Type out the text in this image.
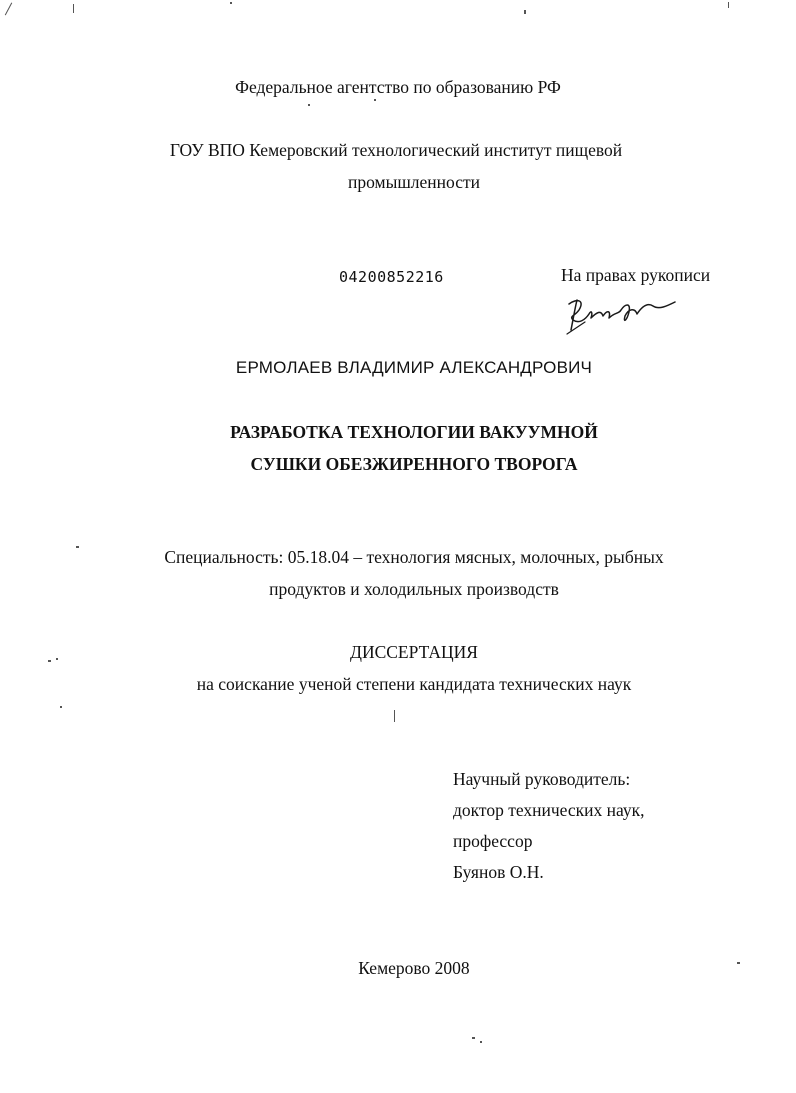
Федеральное агентство по образованию РФ
ГОУ ВПО Кемеровский технологический институт пищевой
промышленности
04200852216	На правах рукописи
ЕРМОЛАЕВ ВЛАДИМИР АЛЕКСАНДРОВИЧ
РАЗРАБОТКА ТЕХНОЛОГИИ ВАКУУМНОЙ
СУШКИ ОБЕЗЖИРЕННОГО ТВОРОГА
Специальность: 05.18.04 – технология мясных, молочных, рыбных
продуктов и холодильных производств
ДИССЕРТАЦИЯ
на соискание ученой степени кандидата технических наук
Научный руководитель:
доктор технических наук,
профессор
Буянов О.Н.
Кемерово 2008
